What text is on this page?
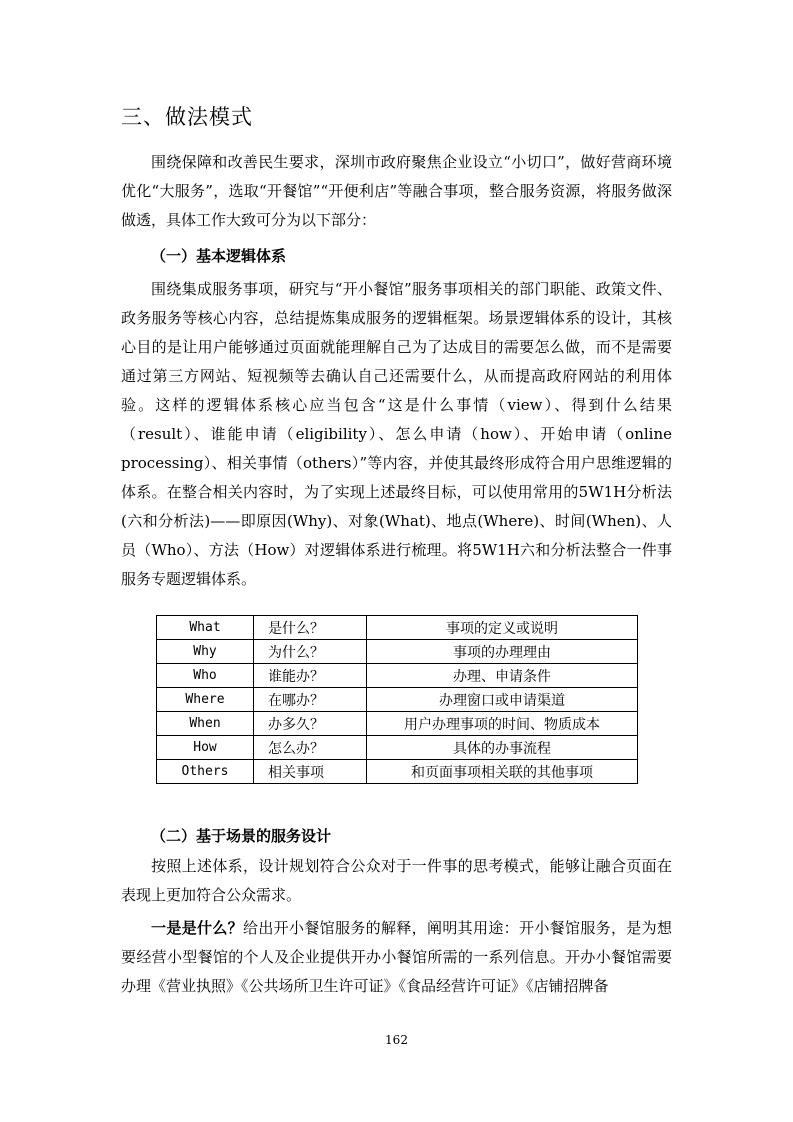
三、做法模式

围绕保障和改善民生要求，深圳市政府聚焦企业设立“小切口”，做好营商环境优化“大服务”，选取“开餐馆”“开便利店”等融合事项，整合服务资源，将服务做深做透，具体工作大致可分为以下部分：

（一）基本逻辑体系

围绕集成服务事项，研究与“开小餐馆”服务事项相关的部门职能、政策文件、政务服务等核心内容，总结提炼集成服务的逻辑框架。场景逻辑体系的设计，其核心目的是让用户能够通过页面就能理解自己为了达成目的需要怎么做，而不是需要通过第三方网站、短视频等去确认自己还需要什么，从而提高政府网站的利用体验。这样的逻辑体系核心应当包含“这是什么事情（view）、得到什么结果（result）、谁能申请（eligibility）、怎么申请（how）、开始申请（online processing）、相关事情（others）”等内容，并使其最终形成符合用户思维逻辑的体系。在整合相关内容时，为了实现上述最终目标，可以使用常用的5W1H分析法(六和分析法)——即原因(Why)、对象(What)、地点(Where)、时间(When)、人员（Who）、方法（How）对逻辑体系进行梳理。将5W1H六和分析法整合一件事服务专题逻辑体系。

What	是什么？	事项的定义或说明
Why	为什么？	事项的办理理由
Who	谁能办？	办理、申请条件
Where	在哪办？	办理窗口或申请渠道
When	办多久？	用户办理事项的时间、物质成本
How	怎么办？	具体的办事流程
Others	相关事项	和页面事项相关联的其他事项

（二）基于场景的服务设计

按照上述体系，设计规划符合公众对于一件事的思考模式，能够让融合页面在表现上更加符合公众需求。

一是是什么？给出开小餐馆服务的解释，阐明其用途：开小餐馆服务，是为想要经营小型餐馆的个人及企业提供开办小餐馆所需的一系列信息。开办小餐馆需要办理《营业执照》《公共场所卫生许可证》《食品经营许可证》《店铺招牌备

162
